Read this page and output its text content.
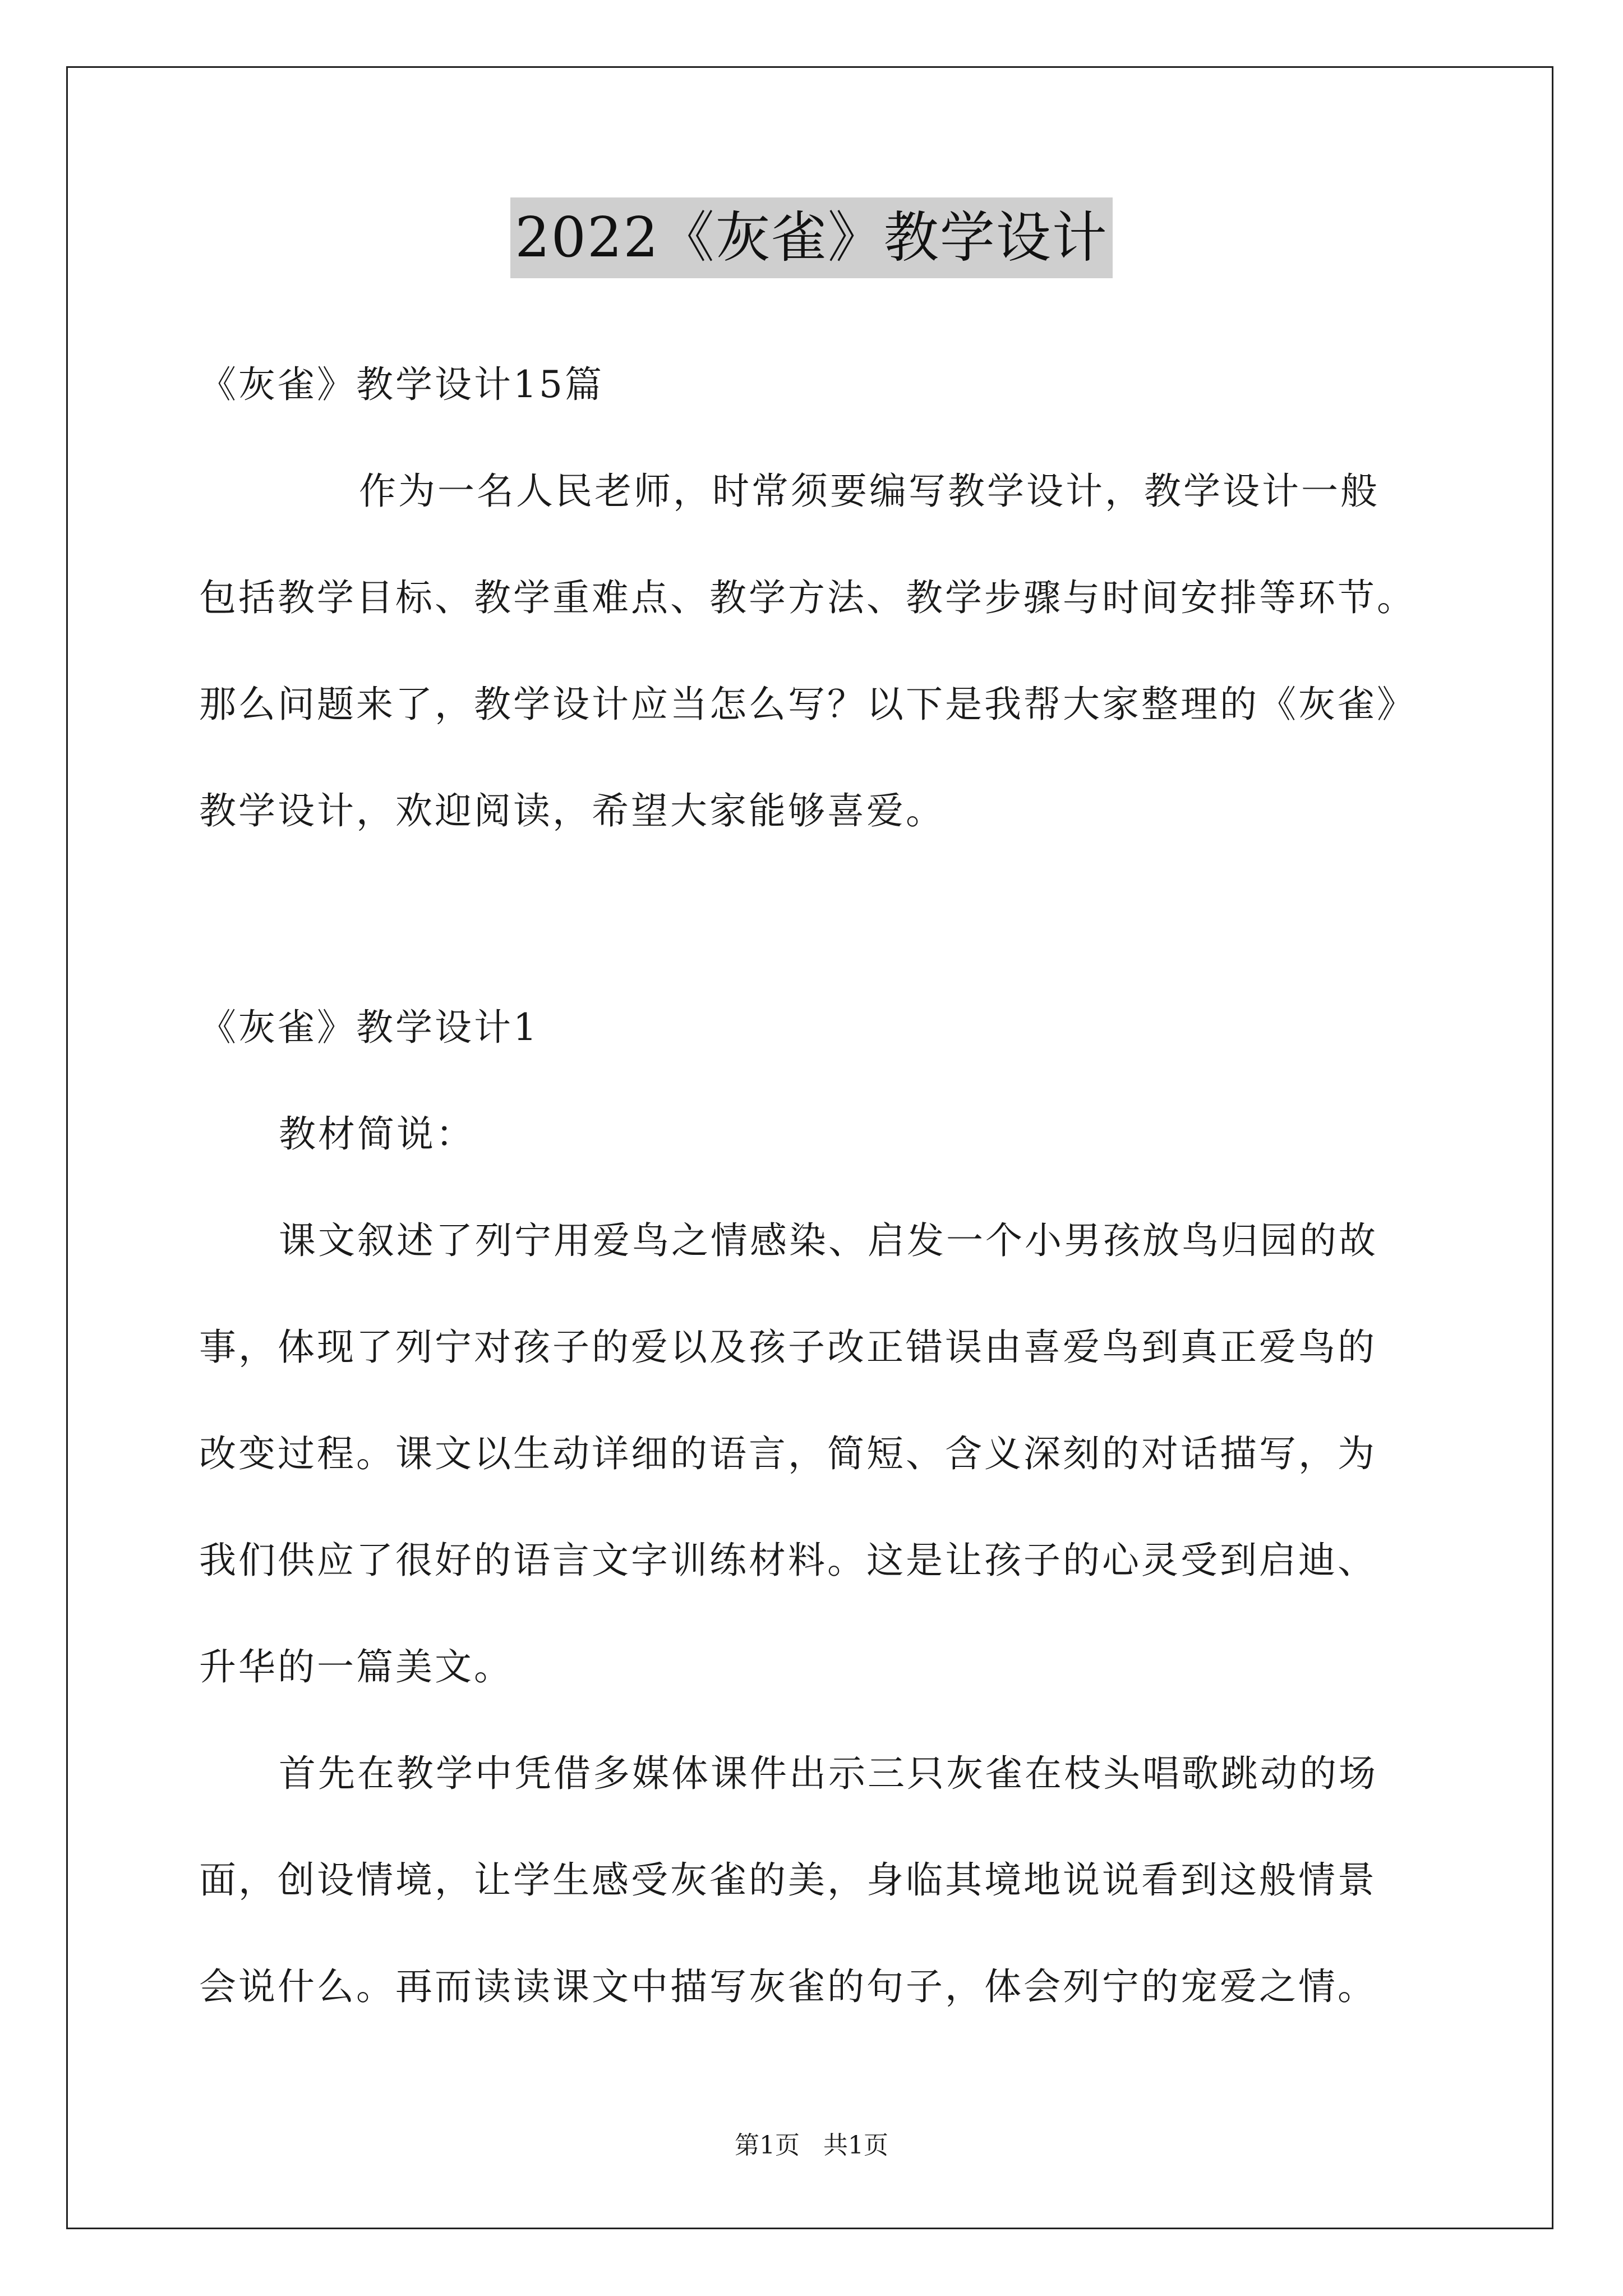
2022《灰雀》教学设计
《灰雀》教学设计15篇
作为一名人民老师，时常须要编写教学设计，教学设计一般
包括教学目标、教学重难点、教学方法、教学步骤与时间安排等环节。
那么问题来了，教学设计应当怎么写？以下是我帮大家整理的《灰雀》
教学设计，欢迎阅读，希望大家能够喜爱。
《灰雀》教学设计1
教材简说：
课文叙述了列宁用爱鸟之情感染、启发一个小男孩放鸟归园的故
事，体现了列宁对孩子的爱以及孩子改正错误由喜爱鸟到真正爱鸟的
改变过程。课文以生动详细的语言，简短、含义深刻的对话描写，为
我们供应了很好的语言文字训练材料。这是让孩子的心灵受到启迪、
升华的一篇美文。
首先在教学中凭借多媒体课件出示三只灰雀在枝头唱歌跳动的场
面，创设情境，让学生感受灰雀的美，身临其境地说说看到这般情景
会说什么。再而读读课文中描写灰雀的句子，体会列宁的宠爱之情。
第1页 共1页
